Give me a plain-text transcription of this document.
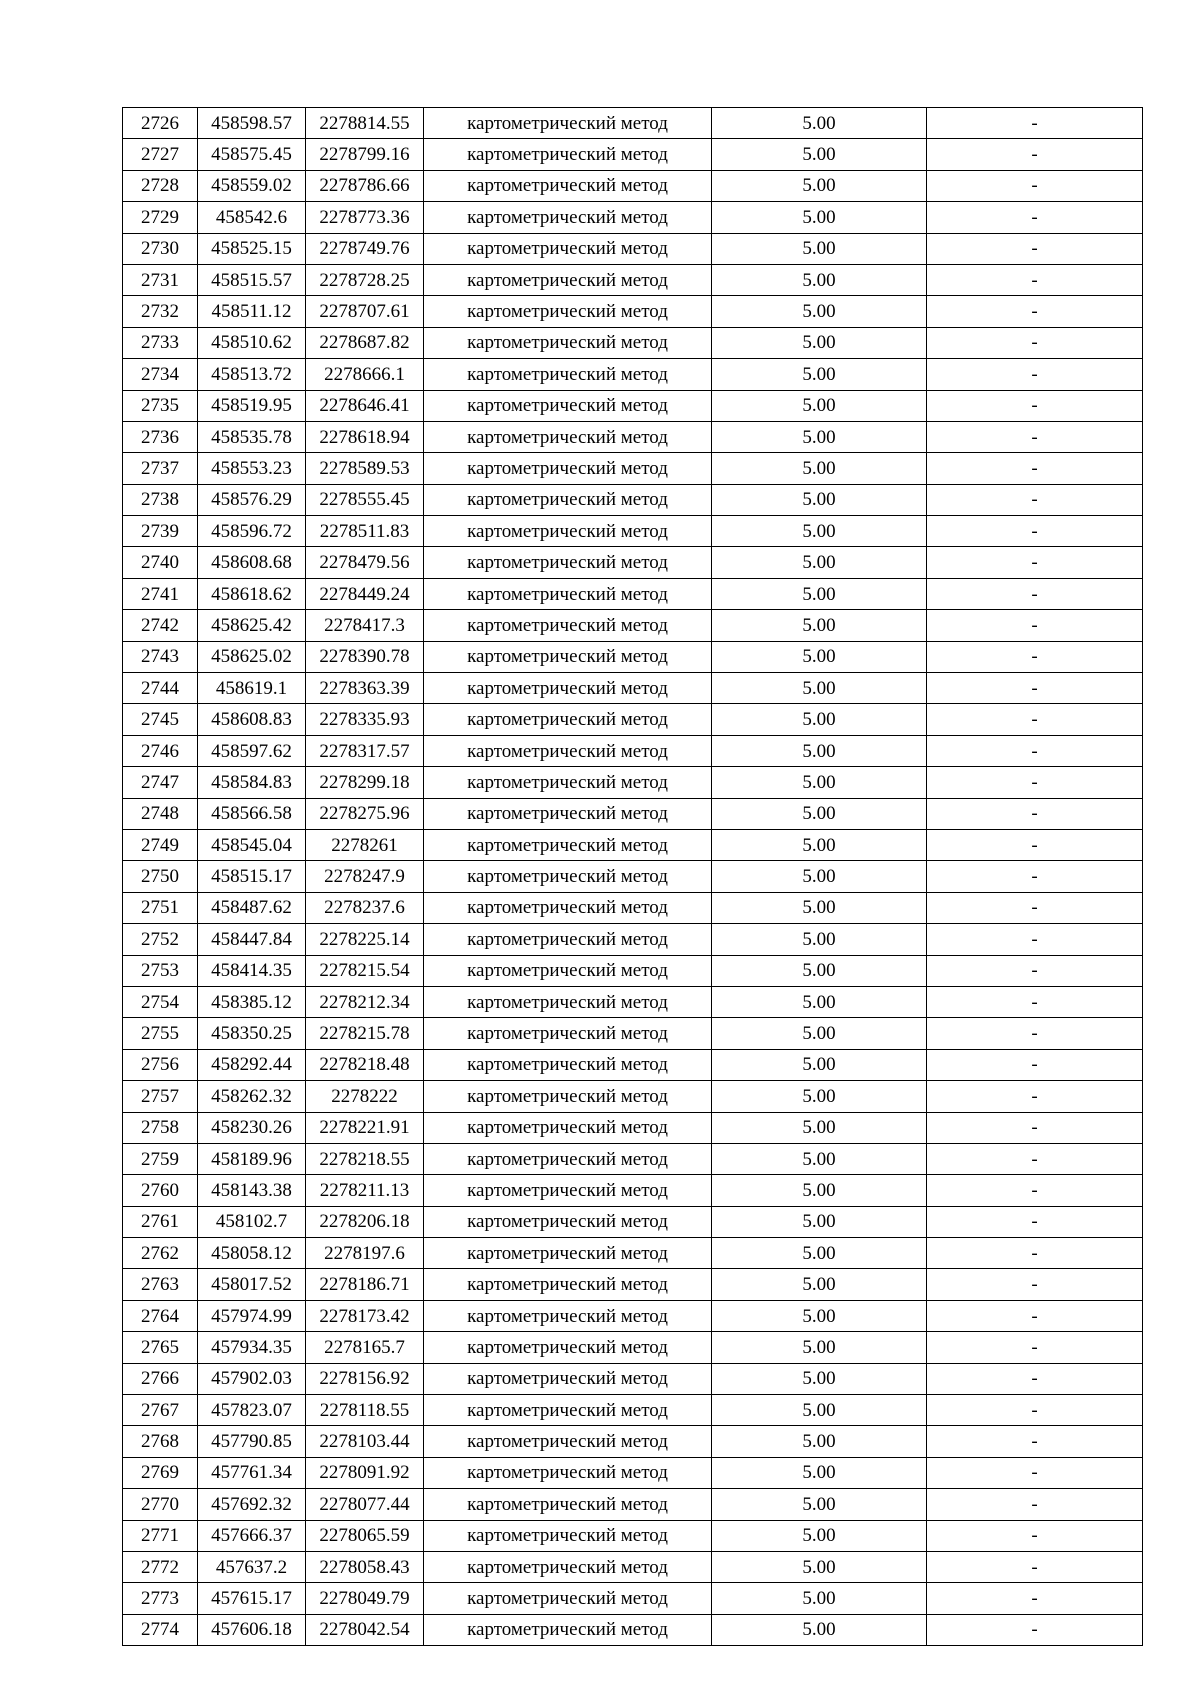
2726	458598.57	2278814.55	картометрический метод	5.00	-
2727	458575.45	2278799.16	картометрический метод	5.00	-
2728	458559.02	2278786.66	картометрический метод	5.00	-
2729	458542.6	2278773.36	картометрический метод	5.00	-
2730	458525.15	2278749.76	картометрический метод	5.00	-
2731	458515.57	2278728.25	картометрический метод	5.00	-
2732	458511.12	2278707.61	картометрический метод	5.00	-
2733	458510.62	2278687.82	картометрический метод	5.00	-
2734	458513.72	2278666.1	картометрический метод	5.00	-
2735	458519.95	2278646.41	картометрический метод	5.00	-
2736	458535.78	2278618.94	картометрический метод	5.00	-
2737	458553.23	2278589.53	картометрический метод	5.00	-
2738	458576.29	2278555.45	картометрический метод	5.00	-
2739	458596.72	2278511.83	картометрический метод	5.00	-
2740	458608.68	2278479.56	картометрический метод	5.00	-
2741	458618.62	2278449.24	картометрический метод	5.00	-
2742	458625.42	2278417.3	картометрический метод	5.00	-
2743	458625.02	2278390.78	картометрический метод	5.00	-
2744	458619.1	2278363.39	картометрический метод	5.00	-
2745	458608.83	2278335.93	картометрический метод	5.00	-
2746	458597.62	2278317.57	картометрический метод	5.00	-
2747	458584.83	2278299.18	картометрический метод	5.00	-
2748	458566.58	2278275.96	картометрический метод	5.00	-
2749	458545.04	2278261	картометрический метод	5.00	-
2750	458515.17	2278247.9	картометрический метод	5.00	-
2751	458487.62	2278237.6	картометрический метод	5.00	-
2752	458447.84	2278225.14	картометрический метод	5.00	-
2753	458414.35	2278215.54	картометрический метод	5.00	-
2754	458385.12	2278212.34	картометрический метод	5.00	-
2755	458350.25	2278215.78	картометрический метод	5.00	-
2756	458292.44	2278218.48	картометрический метод	5.00	-
2757	458262.32	2278222	картометрический метод	5.00	-
2758	458230.26	2278221.91	картометрический метод	5.00	-
2759	458189.96	2278218.55	картометрический метод	5.00	-
2760	458143.38	2278211.13	картометрический метод	5.00	-
2761	458102.7	2278206.18	картометрический метод	5.00	-
2762	458058.12	2278197.6	картометрический метод	5.00	-
2763	458017.52	2278186.71	картометрический метод	5.00	-
2764	457974.99	2278173.42	картометрический метод	5.00	-
2765	457934.35	2278165.7	картометрический метод	5.00	-
2766	457902.03	2278156.92	картометрический метод	5.00	-
2767	457823.07	2278118.55	картометрический метод	5.00	-
2768	457790.85	2278103.44	картометрический метод	5.00	-
2769	457761.34	2278091.92	картометрический метод	5.00	-
2770	457692.32	2278077.44	картометрический метод	5.00	-
2771	457666.37	2278065.59	картометрический метод	5.00	-
2772	457637.2	2278058.43	картометрический метод	5.00	-
2773	457615.17	2278049.79	картометрический метод	5.00	-
2774	457606.18	2278042.54	картометрический метод	5.00	-
